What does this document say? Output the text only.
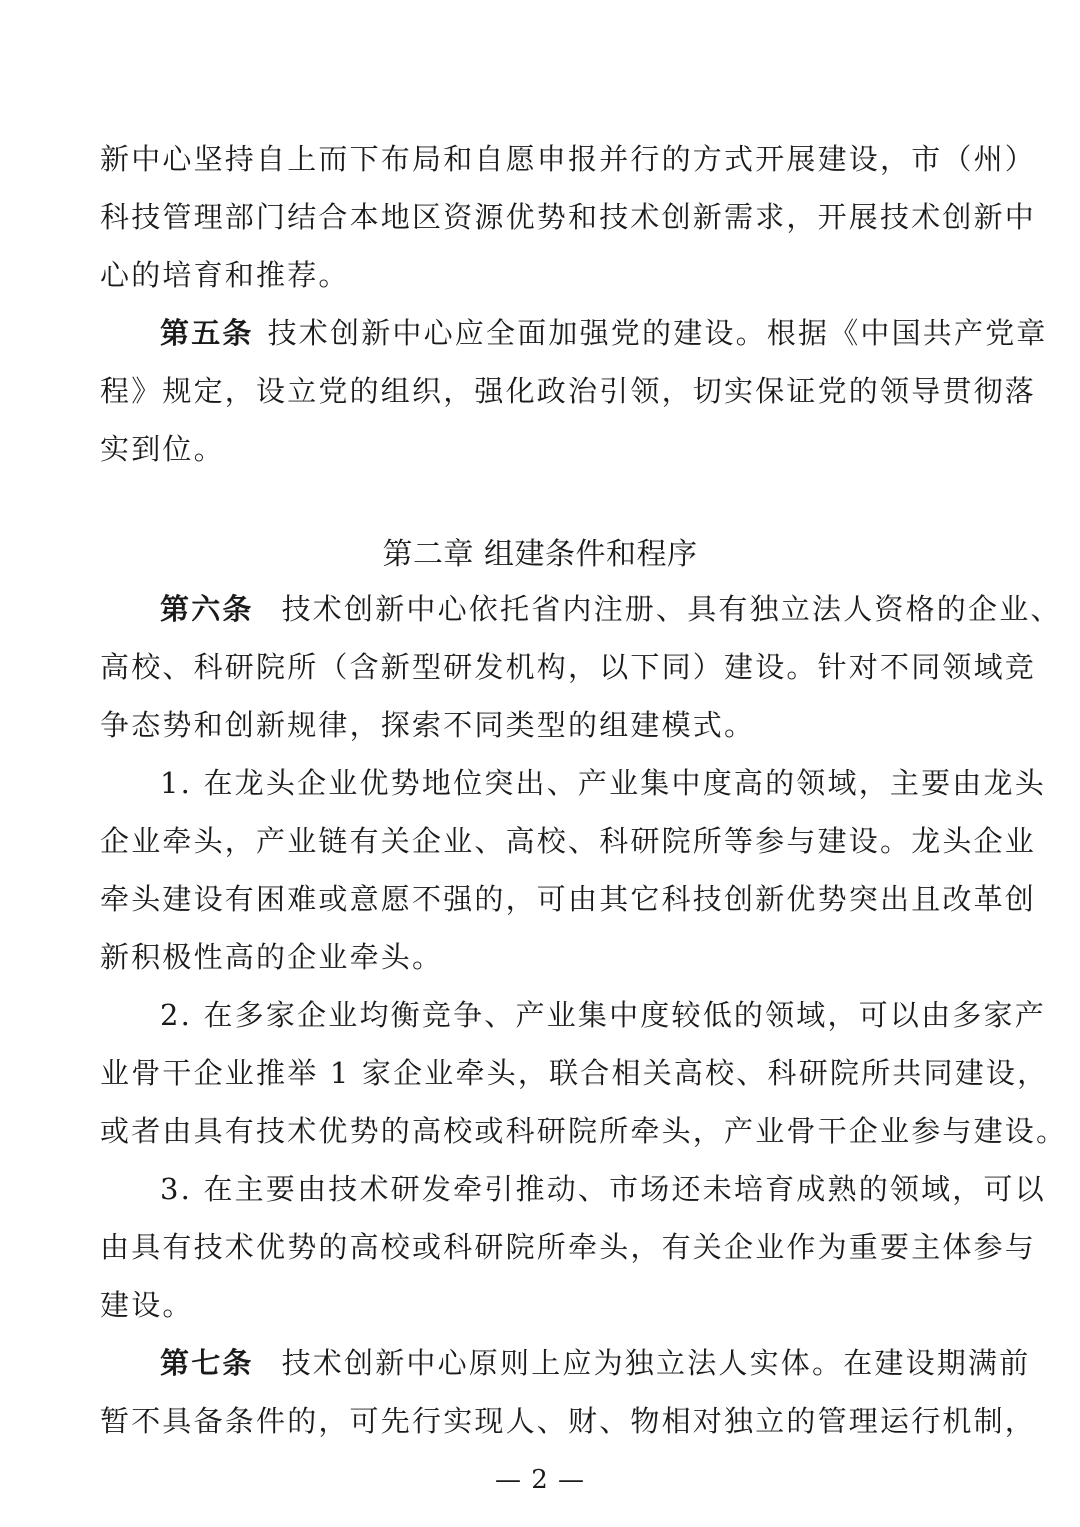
新中心坚持自上而下布局和自愿申报并行的方式开展建设，市（州）
科技管理部门结合本地区资源优势和技术创新需求，开展技术创新中
心的培育和推荐。
第五条 技术创新中心应全面加强党的建设。根据《中国共产党章
程》规定，设立党的组织，强化政治引领，切实保证党的领导贯彻落
实到位。
第二章 组建条件和程序
第六条 技术创新中心依托省内注册、具有独立法人资格的企业、
高校、科研院所（含新型研发机构，以下同）建设。针对不同领域竞
争态势和创新规律，探索不同类型的组建模式。
1. 在龙头企业优势地位突出、产业集中度高的领域，主要由龙头
企业牵头，产业链有关企业、高校、科研院所等参与建设。龙头企业
牵头建设有困难或意愿不强的，可由其它科技创新优势突出且改革创
新积极性高的企业牵头。
2. 在多家企业均衡竞争、产业集中度较低的领域，可以由多家产
业骨干企业推举 1 家企业牵头，联合相关高校、科研院所共同建设，
或者由具有技术优势的高校或科研院所牵头，产业骨干企业参与建设。
3. 在主要由技术研发牵引推动、市场还未培育成熟的领域，可以
由具有技术优势的高校或科研院所牵头，有关企业作为重要主体参与
建设。
第七条 技术创新中心原则上应为独立法人实体。在建设期满前
— 2 —
暂不具备条件的，可先行实现人、财、物相对独立的管理运行机制，
